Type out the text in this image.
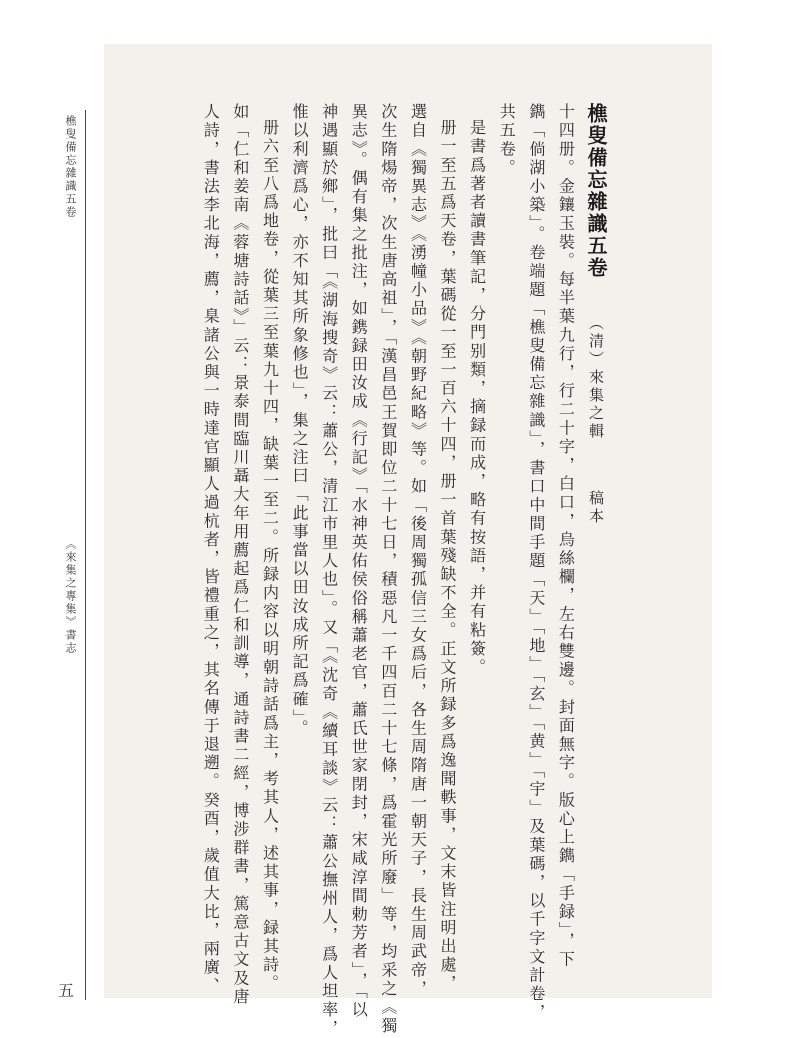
樵叟備忘雜識五卷
《來集之專集》書志
五
樵叟備忘雜識五卷 （清）來集之輯 稿本
十四册。金鑲玉裝。每半葉九行，行二十字，白口，烏絲欄，左右雙邊。封面無字。版心上鐫「手録」，下
鐫「倘湖小築」。卷端題「樵叟備忘雜識」，書口中間手題「天」「地」「玄」「黄」「宇」及葉碼，以千字文計卷，
共五卷。
是書爲著者讀書筆記，分門别類，摘録而成，略有按語，并有粘簽。
册一至五爲天卷，葉碼從一至一百六十四，册一首葉殘缺不全。正文所録多爲逸聞軼事，文末皆注明出處，
選自《獨異志》《湧幢小品》《朝野紀略》等。如「後周獨孤信三女爲后，各生周隋唐一朝天子，長生周武帝，
次生隋煬帝，次生唐高祖」，「漢昌邑王賀即位二十七日，積惡凡一千四百二十七條，爲霍光所廢」等，均采之《獨
異志》。偶有集之批注，如鎸録田汝成《行記》「水神英佑侯俗稱蕭老官，蕭氏世家閉封，宋咸淳間勅芳者」，「以
神遇顯於鄉」，批曰「《湖海搜奇》云：蕭公，清江市里人也」。又「《沈奇《續耳談》云：蕭公撫州人，爲人坦率，
惟以利濟爲心，亦不知其所象修也」，集之注曰「此事當以田汝成所記爲確」。
册六至八爲地卷，從葉三至葉九十四，缺葉一至二。所録内容以明朝詩話爲主，考其人，述其事，録其詩。
如「仁和姜南《蓉塘詩話》」云：景泰間臨川聶大年用薦起爲仁和訓導，通詩書二經，博涉群書，篤意古文及唐
人詩，書法李北海，薦，臬諸公與一時達官顯人過杭者，皆禮重之，其名傳于退遡。癸酉，歲值大比，兩廣、
